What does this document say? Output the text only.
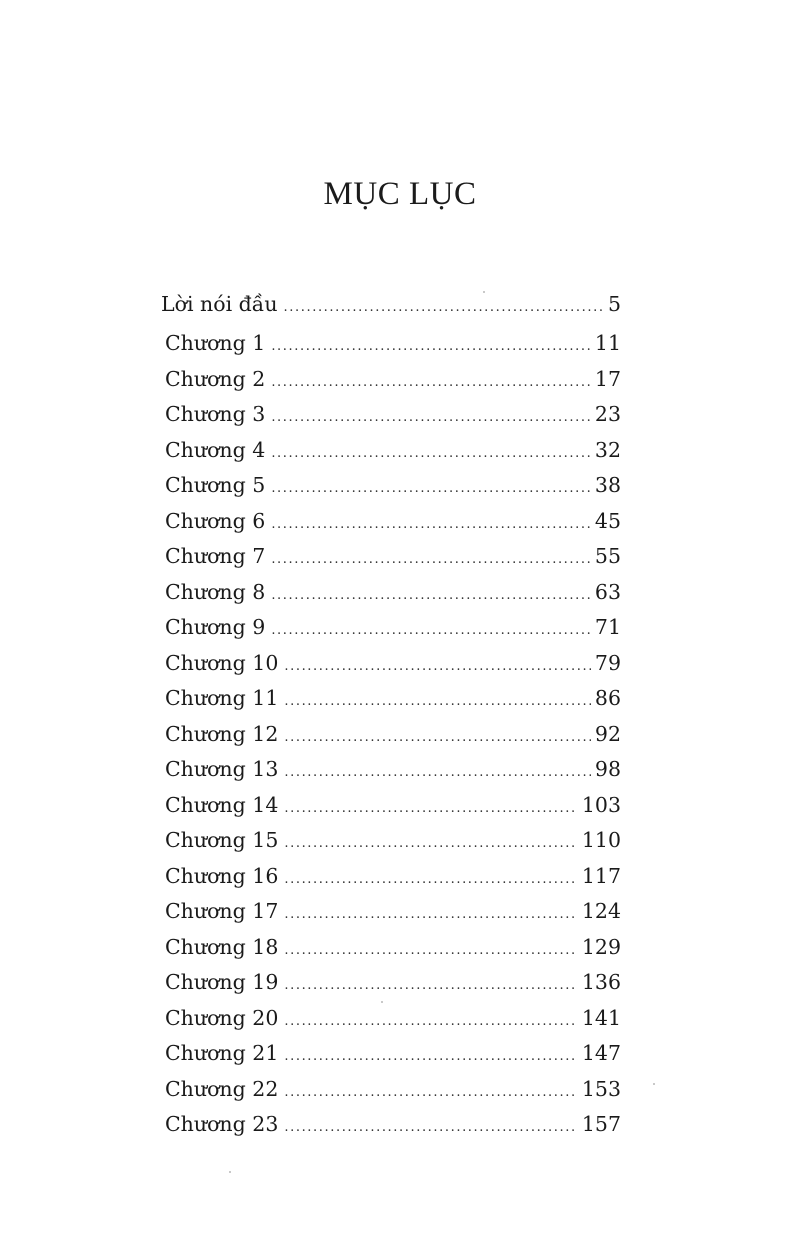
MỤC LỤC
Lời nói đầu .....	5
Chương 1 .....	11
Chương 2 .....	17
Chương 3 .....	23
Chương 4 .....	32
Chương 5 .....	38
Chương 6 .....	45
Chương 7 .....	55
Chương 8 .....	63
Chương 9 .....	71
Chương 10 .....	79
Chương 11 .....	86
Chương 12 .....	92
Chương 13 .....	98
Chương 14 .....	103
Chương 15 .....	110
Chương 16 .....	117
Chương 17 .....	124
Chương 18 .....	129
Chương 19 .....	136
Chương 20 .....	141
Chương 21 .....	147
Chương 22 .....	153
Chương 23 .....	157
